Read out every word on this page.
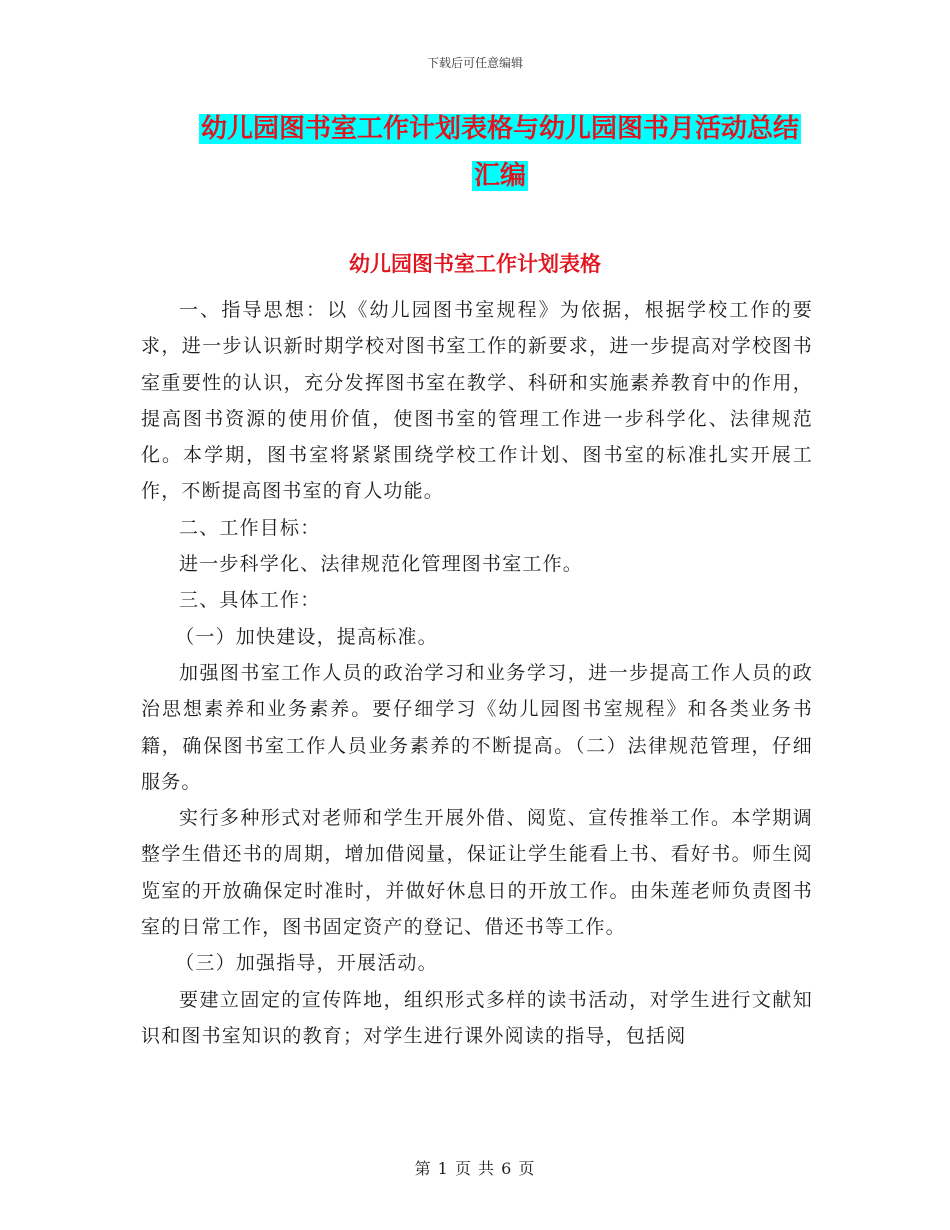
下载后可任意编辑
幼儿园图书室工作计划表格与幼儿园图书月活动总结
汇编
幼儿园图书室工作计划表格

一、指导思想：以《幼儿园图书室规程》为依据，根据学校工作的要求，进一步认识新时期学校对图书室工作的新要求，进一步提高对学校图书室重要性的认识，充分发挥图书室在教学、科研和实施素养教育中的作用，提高图书资源的使用价值，使图书室的管理工作进一步科学化、法律规范化。本学期，图书室将紧紧围绕学校工作计划、图书室的标准扎实开展工作，不断提高图书室的育人功能。

二、工作目标：

进一步科学化、法律规范化管理图书室工作。

三、具体工作：

（一）加快建设，提高标准。

加强图书室工作人员的政治学习和业务学习，进一步提高工作人员的政治思想素养和业务素养。要仔细学习《幼儿园图书室规程》和各类业务书籍，确保图书室工作人员业务素养的不断提高。（二）法律规范管理，仔细服务。

实行多种形式对老师和学生开展外借、阅览、宣传推举工作。本学期调整学生借还书的周期，增加借阅量，保证让学生能看上书、看好书。师生阅览室的开放确保定时准时，并做好休息日的开放工作。由朱莲老师负责图书室的日常工作，图书固定资产的登记、借还书等工作。

（三）加强指导，开展活动。

要建立固定的宣传阵地，组织形式多样的读书活动，对学生进行文献知识和图书室知识的教育；对学生进行课外阅读的指导，包括阅

第 1 页 共 6 页
